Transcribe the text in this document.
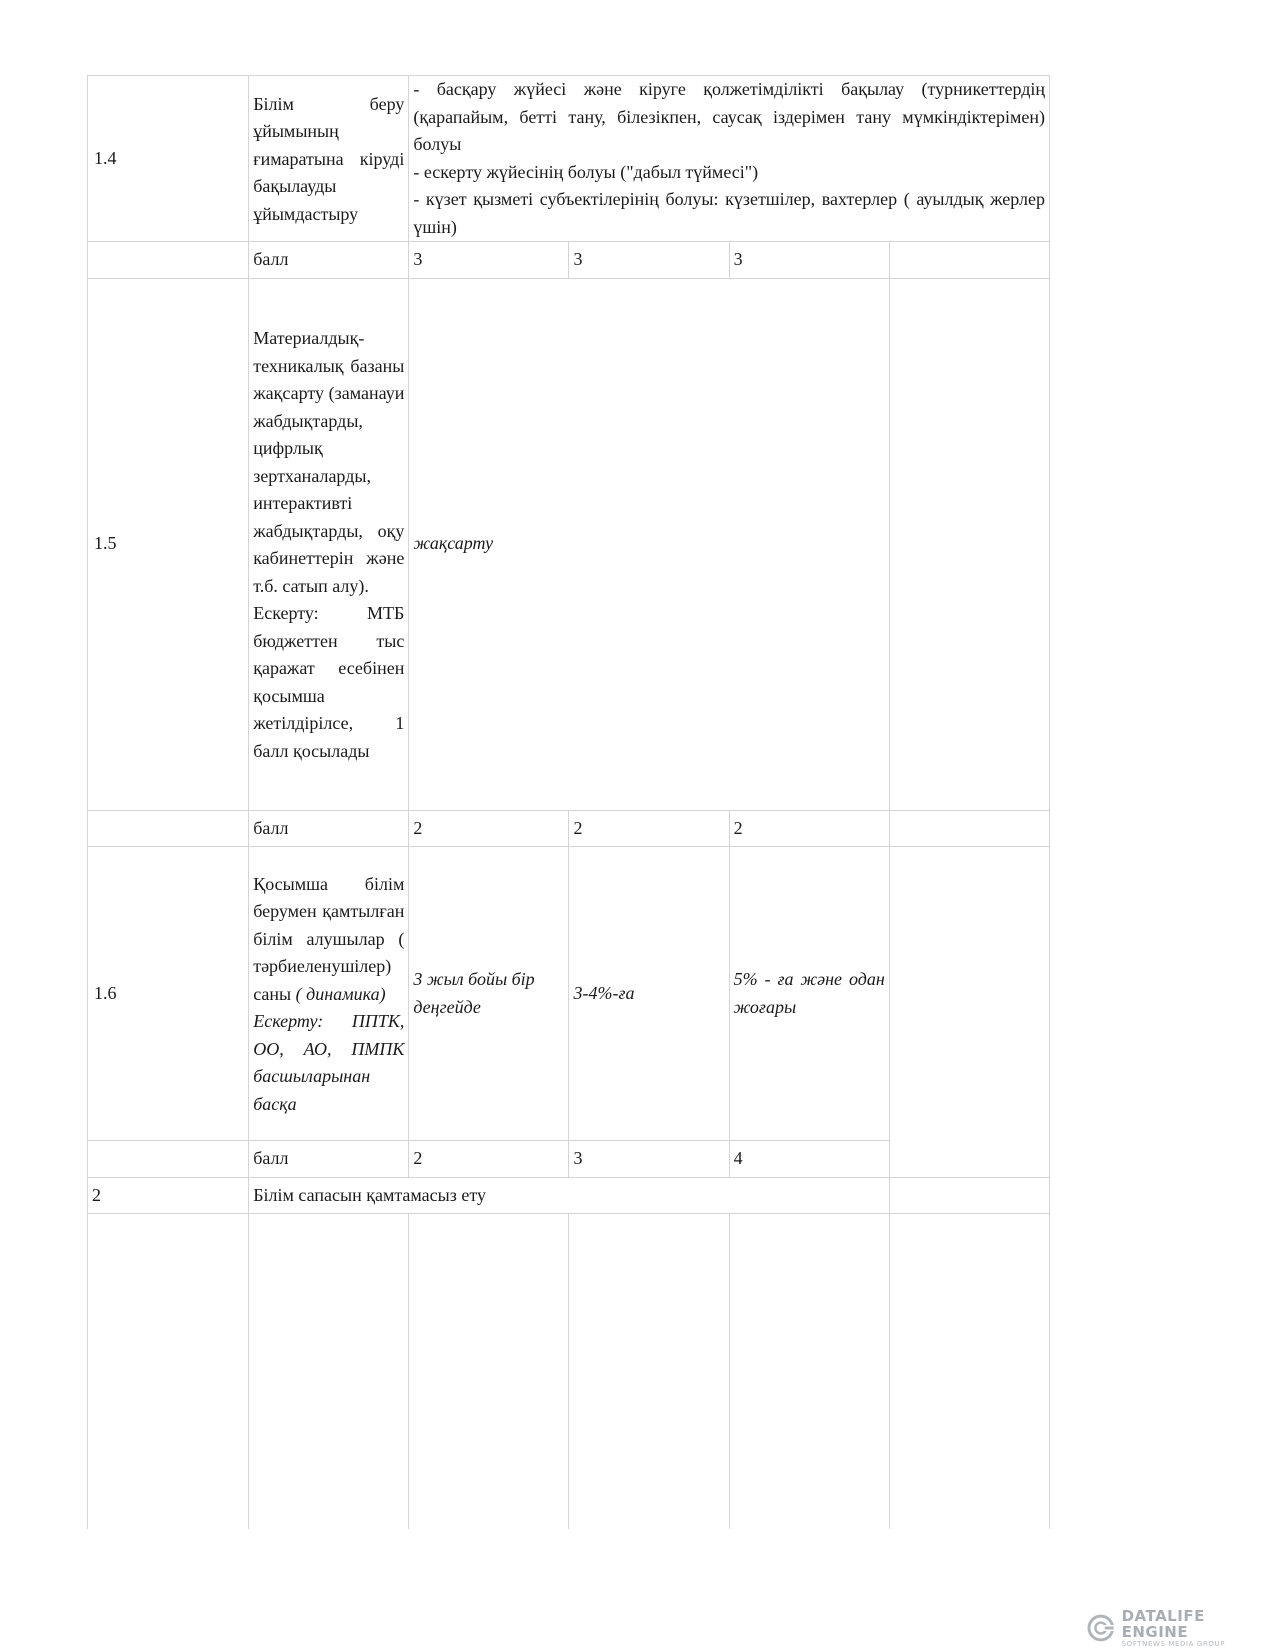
1.4	Білім беру ұйымының ғимаратына кіруді бақылауды ұйымдастыру	- басқару жүйесі және кіруге қолжетімділікті бақылау (турникеттердің (қарапайым, бетті тану, білезікпен, саусақ іздерімен тану мүмкіндіктерімен) болуы
- ескерту жүйесінің болуы ("дабыл түймесі")
- күзет қызметі субъектілерінің болуы: күзетшілер, вахтерлер ( ауылдық жерлер үшін)			

	балл	3	3	3	
1.5	Материалдық-техникалық базаны жақсарту (заманауи жабдықтарды, цифрлық зертханаларды, интерактивті жабдықтарды, оқу кабинеттерін және т.б. сатып алу).
Ескерту: МТБ бюджеттен тыс қаражат есебінен қосымша жетілдірілсе, 1 балл қосылады	жақсарту			
	балл	2	2	2	
1.6	Қосымша білім берумен қамтылған білім алушылар ( тәрбиеленушілер) саны ( динамика)
Ескерту: ППТК, ОО, АО, ПМПК басшыларынан басқа	3 жыл бойы бір деңгейде	3-4%-ға	5% - ға және одан жоғары	
	балл	2	3	4	
2	Білім сапасын қамтамасыз ету				

DATALIFE ENGINE
SOFTNEWS MEDIA GROUP
